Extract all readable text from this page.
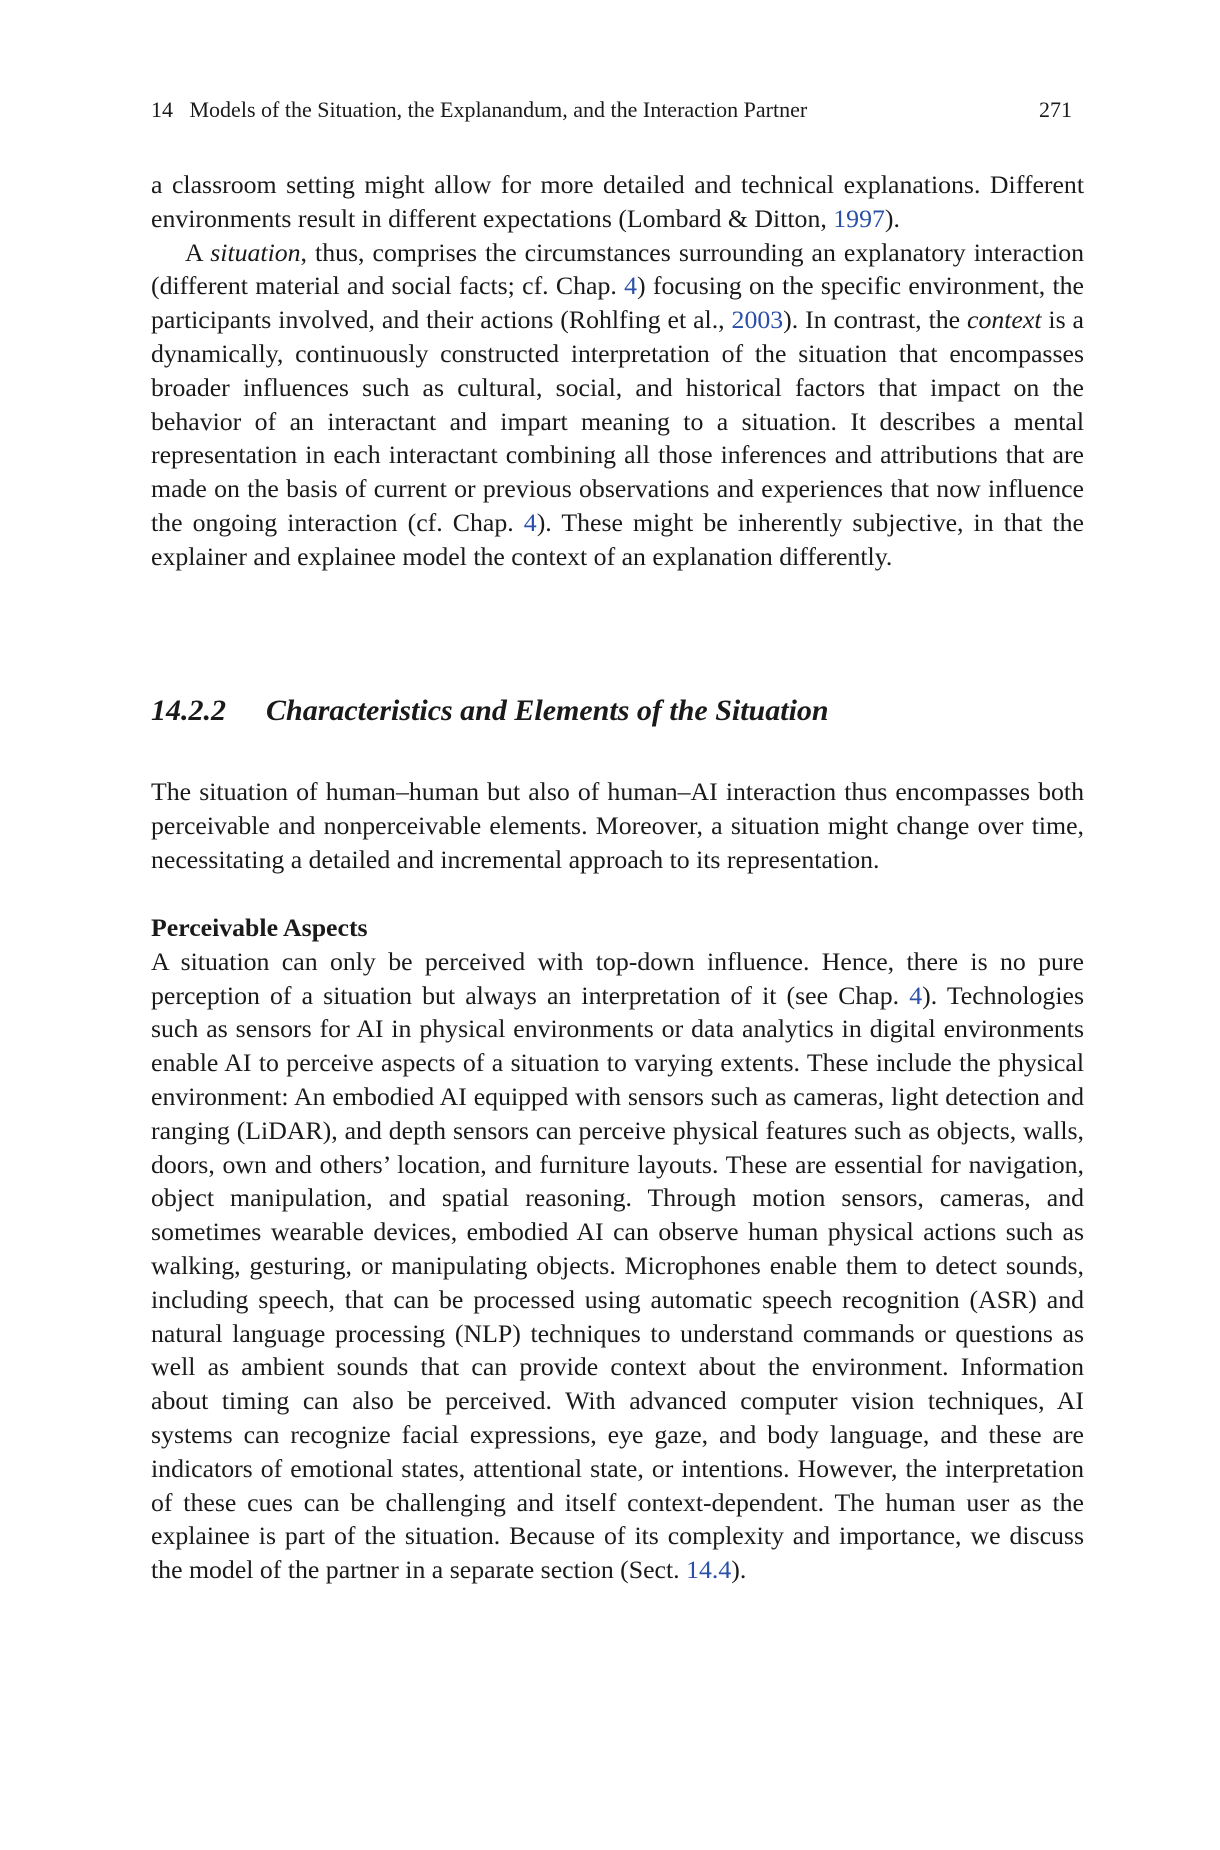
14 Models of the Situation, the Explanandum, and the Interaction Partner	271

a classroom setting might allow for more detailed and technical explanations. Different environments result in different expectations (Lombard & Ditton, 1997).

A situation, thus, comprises the circumstances surrounding an explanatory interaction (different material and social facts; cf. Chap. 4) focusing on the specific environment, the participants involved, and their actions (Rohlfing et al., 2003). In contrast, the context is a dynamically, continuously constructed interpretation of the situation that encompasses broader influences such as cultural, social, and historical factors that impact on the behavior of an interactant and impart meaning to a situation. It describes a mental representation in each interactant combining all those inferences and attributions that are made on the basis of current or previous observations and experiences that now influence the ongoing interaction (cf. Chap. 4). These might be inherently subjective, in that the explainer and explainee model the context of an explanation differently.

14.2.2 Characteristics and Elements of the Situation

The situation of human–human but also of human–AI interaction thus encompasses both perceivable and nonperceivable elements. Moreover, a situation might change over time, necessitating a detailed and incremental approach to its representation.

Perceivable Aspects

A situation can only be perceived with top-down influence. Hence, there is no pure perception of a situation but always an interpretation of it (see Chap. 4). Technologies such as sensors for AI in physical environments or data analytics in digital environments enable AI to perceive aspects of a situation to varying extents. These include the physical environment: An embodied AI equipped with sensors such as cameras, light detection and ranging (LiDAR), and depth sensors can perceive physical features such as objects, walls, doors, own and others’ location, and furniture layouts. These are essential for navigation, object manipulation, and spatial reasoning. Through motion sensors, cameras, and sometimes wearable devices, embodied AI can observe human physical actions such as walking, gesturing, or manipulating objects. Microphones enable them to detect sounds, including speech, that can be processed using automatic speech recognition (ASR) and natural language processing (NLP) techniques to understand commands or questions as well as ambient sounds that can provide context about the environment. Information about timing can also be perceived. With advanced computer vision techniques, AI systems can recognize facial expressions, eye gaze, and body language, and these are indicators of emotional states, attentional state, or intentions. However, the interpretation of these cues can be challenging and itself context-dependent. The human user as the explainee is part of the situation. Because of its complexity and importance, we discuss the model of the partner in a separate section (Sect. 14.4).
